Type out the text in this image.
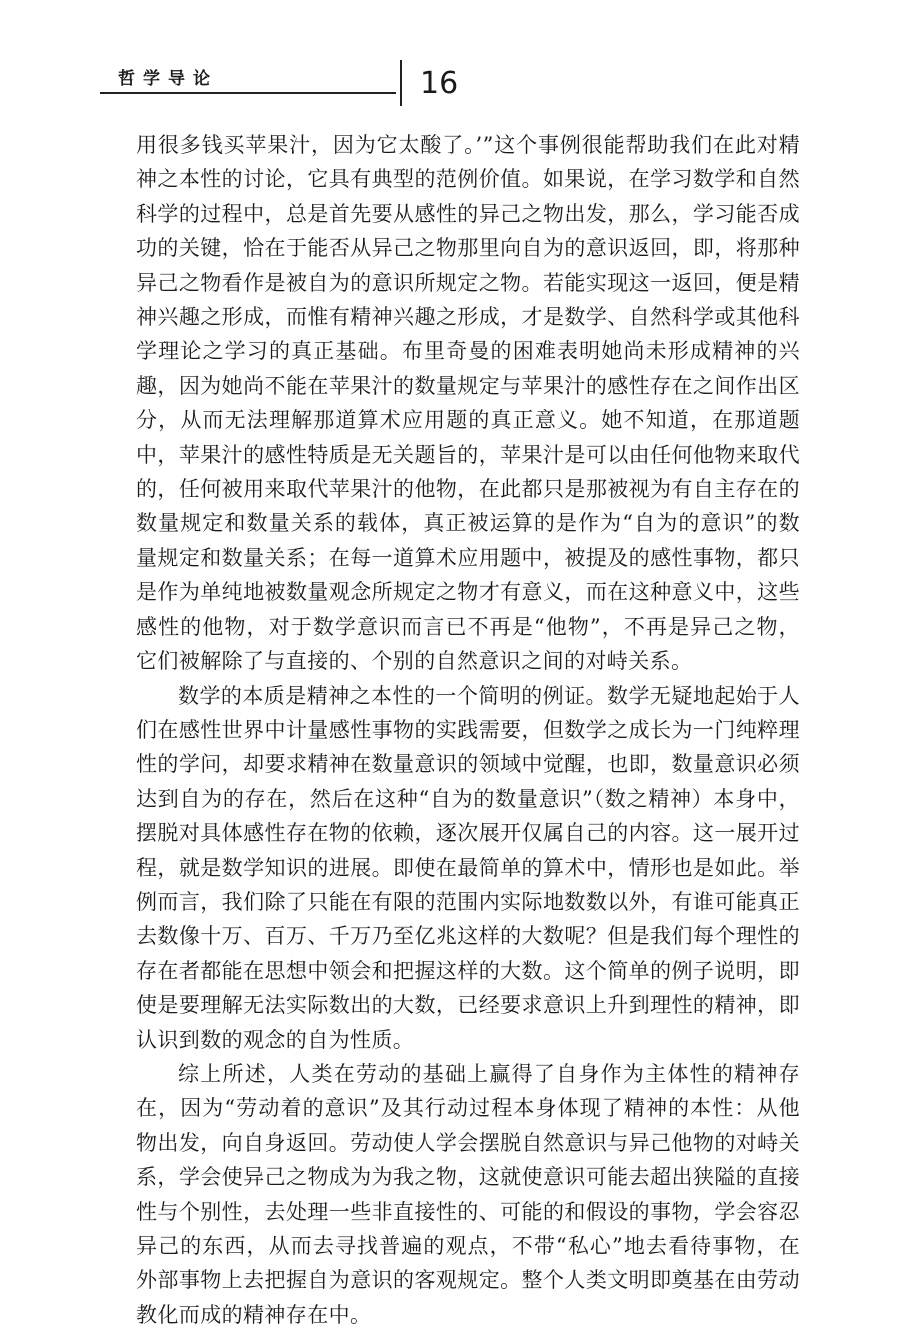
哲学导论	16

用很多钱买苹果汁，因为它太酸了。’”这个事例很能帮助我们在此对精神之本性的讨论，它具有典型的范例价值。如果说，在学习数学和自然科学的过程中，总是首先要从感性的异己之物出发，那么，学习能否成功的关键，恰在于能否从异己之物那里向自为的意识返回，即，将那种异己之物看作是被自为的意识所规定之物。若能实现这一返回，便是精神兴趣之形成，而惟有精神兴趣之形成，才是数学、自然科学或其他科学理论之学习的真正基础。布里奇曼的困难表明她尚未形成精神的兴趣，因为她尚不能在苹果汁的数量规定与苹果汁的感性存在之间作出区分，从而无法理解那道算术应用题的真正意义。她不知道，在那道题中，苹果汁的感性特质是无关题旨的，苹果汁是可以由任何他物来取代的，任何被用来取代苹果汁的他物，在此都只是那被视为有自主存在的数量规定和数量关系的载体，真正被运算的是作为“自为的意识”的数量规定和数量关系；在每一道算术应用题中，被提及的感性事物，都只是作为单纯地被数量观念所规定之物才有意义，而在这种意义中，这些感性的他物，对于数学意识而言已不再是“他物”，不再是异己之物，它们被解除了与直接的、个别的自然意识之间的对峙关系。

数学的本质是精神之本性的一个简明的例证。数学无疑地起始于人们在感性世界中计量感性事物的实践需要，但数学之成长为一门纯粹理性的学问，却要求精神在数量意识的领域中觉醒，也即，数量意识必须达到自为的存在，然后在这种“自为的数量意识”（数之精神）本身中，摆脱对具体感性存在物的依赖，逐次展开仅属自己的内容。这一展开过程，就是数学知识的进展。即使在最简单的算术中，情形也是如此。举例而言，我们除了只能在有限的范围内实际地数数以外，有谁可能真正去数像十万、百万、千万乃至亿兆这样的大数呢？但是我们每个理性的存在者都能在思想中领会和把握这样的大数。这个简单的例子说明，即使是要理解无法实际数出的大数，已经要求意识上升到理性的精神，即认识到数的观念的自为性质。

综上所述，人类在劳动的基础上赢得了自身作为主体性的精神存在，因为“劳动着的意识”及其行动过程本身体现了精神的本性：从他物出发，向自身返回。劳动使人学会摆脱自然意识与异己他物的对峙关系，学会使异己之物成为为我之物，这就使意识可能去超出狭隘的直接性与个别性，去处理一些非直接性的、可能的和假设的事物，学会容忍异己的东西，从而去寻找普遍的观点，不带“私心”地去看待事物，在外部事物上去把握自为意识的客观规定。整个人类文明即奠基在由劳动教化而成的精神存在中。
